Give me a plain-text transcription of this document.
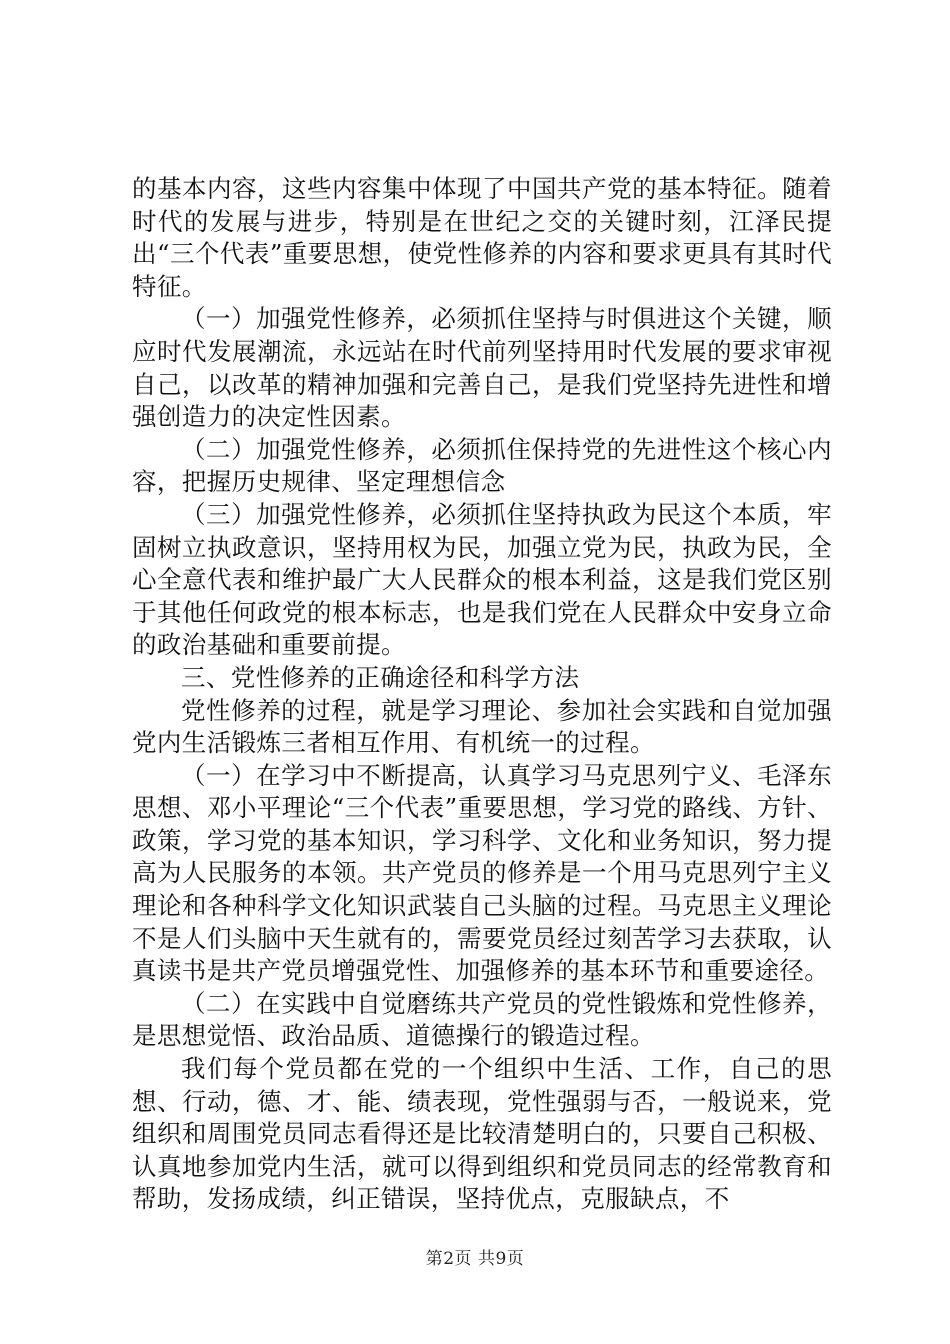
的基本内容，这些内容集中体现了中国共产党的基本特征。随着时代的发展与进步，特别是在世纪之交的关键时刻，江泽民提出“三个代表”重要思想，使党性修养的内容和要求更具有其时代特征。

（一）加强党性修养，必须抓住坚持与时俱进这个关键，顺应时代发展潮流，永远站在时代前列坚持用时代发展的要求审视自己，以改革的精神加强和完善自己，是我们党坚持先进性和增强创造力的决定性因素。

（二）加强党性修养，必须抓住保持党的先进性这个核心内容，把握历史规律、坚定理想信念

（三）加强党性修养，必须抓住坚持执政为民这个本质，牢固树立执政意识，坚持用权为民，加强立党为民，执政为民，全心全意代表和维护最广大人民群众的根本利益，这是我们党区别于其他任何政党的根本标志，也是我们党在人民群众中安身立命的政治基础和重要前提。

三、党性修养的正确途径和科学方法

党性修养的过程，就是学习理论、参加社会实践和自觉加强党内生活锻炼三者相互作用、有机统一的过程。

（一）在学习中不断提高，认真学习马克思列宁义、毛泽东思想、邓小平理论“三个代表”重要思想，学习党的路线、方针、政策，学习党的基本知识，学习科学、文化和业务知识，努力提高为人民服务的本领。共产党员的修养是一个用马克思列宁主义理论和各种科学文化知识武装自己头脑的过程。马克思主义理论不是人们头脑中天生就有的，需要党员经过刻苦学习去获取，认真读书是共产党员增强党性、加强修养的基本环节和重要途径。

（二）在实践中自觉磨练共产党员的党性锻炼和党性修养，是思想觉悟、政治品质、道德操行的锻造过程。

我们每个党员都在党的一个组织中生活、工作，自己的思想、行动，德、才、能、绩表现，党性强弱与否，一般说来，党组织和周围党员同志看得还是比较清楚明白的，只要自己积极、认真地参加党内生活，就可以得到组织和党员同志的经常教育和帮助，发扬成绩，纠正错误，坚持优点，克服缺点，不

第2页 共9页
